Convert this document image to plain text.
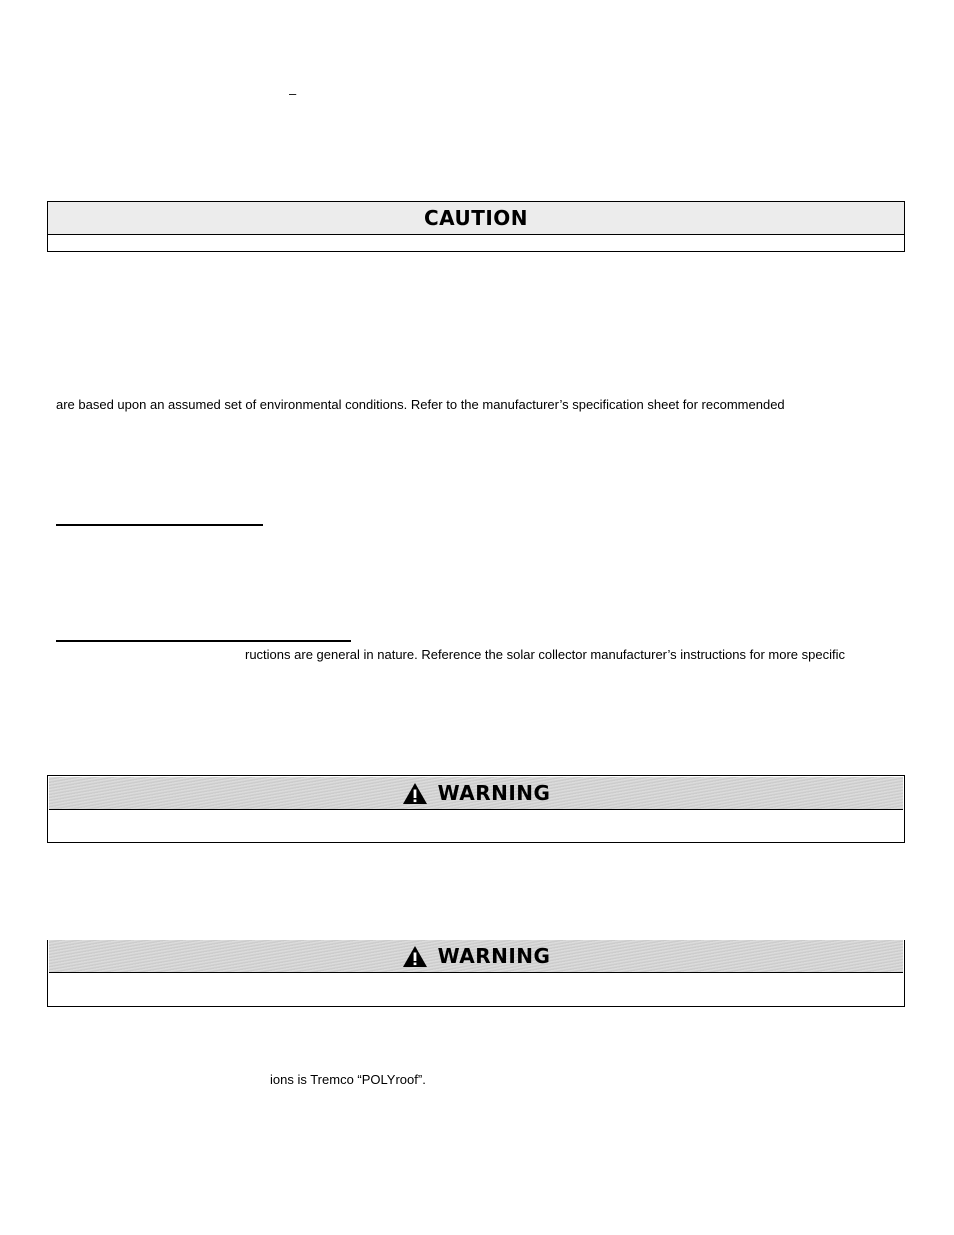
–
CAUTION
are based upon an assumed set of environmental conditions. Refer to the manufacturer’s specification sheet for recommended
ructions are general in nature. Reference the solar collector manufacturer’s instructions for more specific
WARNING
WARNING
ions is Tremco “POLYroof”.
